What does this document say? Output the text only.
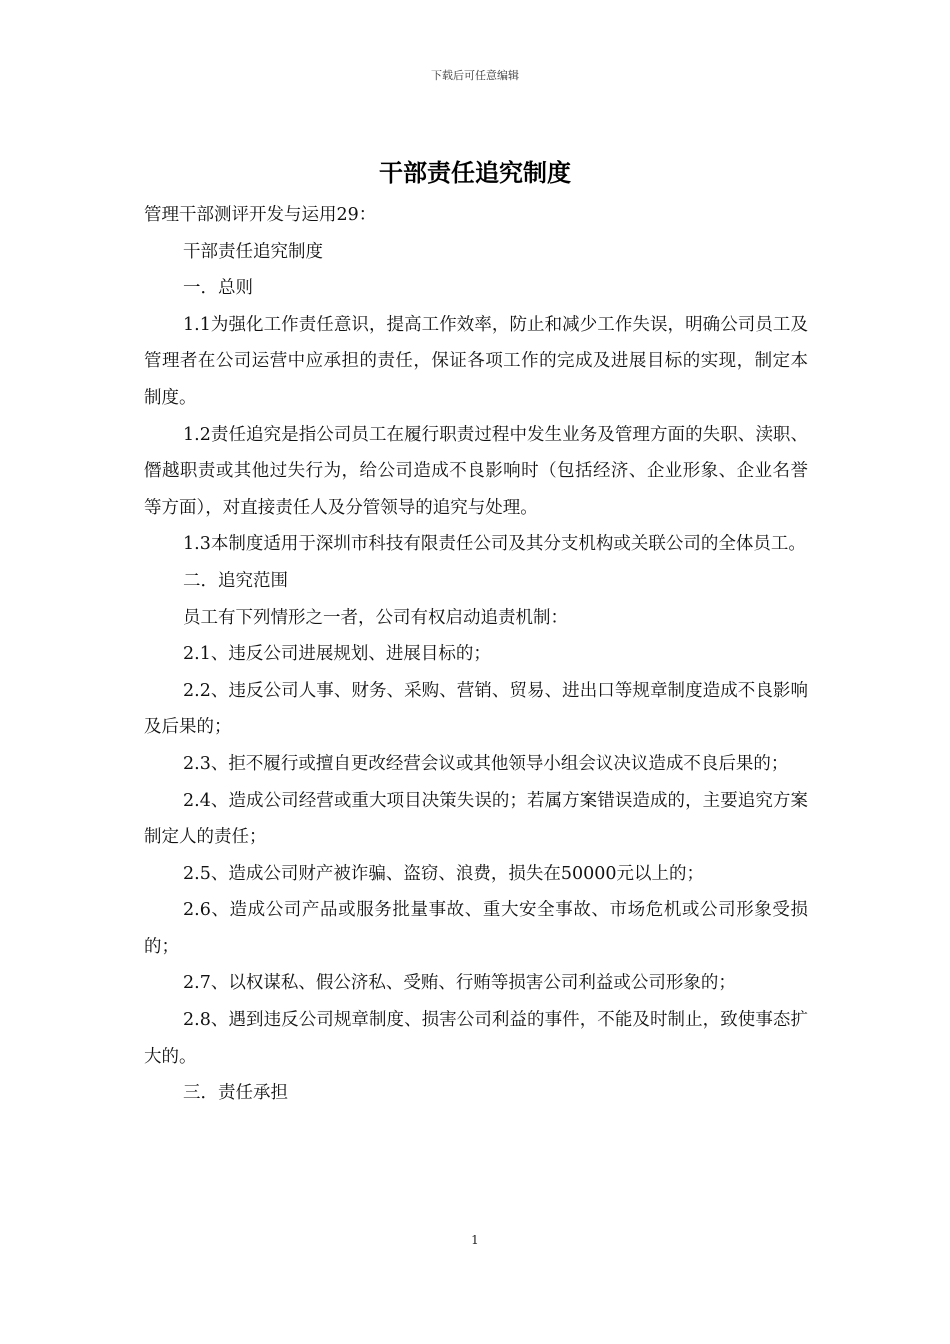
下载后可任意编辑
干部责任追究制度

管理干部测评开发与运用29：

干部责任追究制度

一．总则

1.1为强化工作责任意识，提高工作效率，防止和减少工作失误，明确公司员工及管理者在公司运营中应承担的责任，保证各项工作的完成及进展目标的实现，制定本制度。

1.2责任追究是指公司员工在履行职责过程中发生业务及管理方面的失职、渎职、僭越职责或其他过失行为，给公司造成不良影响时（包括经济、企业形象、企业名誉等方面），对直接责任人及分管领导的追究与处理。

1.3本制度适用于深圳市科技有限责任公司及其分支机构或关联公司的全体员工。

二．追究范围

员工有下列情形之一者，公司有权启动追责机制：

2.1、违反公司进展规划、进展目标的；

2.2、违反公司人事、财务、采购、营销、贸易、进出口等规章制度造成不良影响及后果的；

2.3、拒不履行或擅自更改经营会议或其他领导小组会议决议造成不良后果的；

2.4、造成公司经营或重大项目决策失误的；若属方案错误造成的，主要追究方案制定人的责任；

2.5、造成公司财产被诈骗、盗窃、浪费，损失在50000元以上的；

2.6、造成公司产品或服务批量事故、重大安全事故、市场危机或公司形象受损的；

2.7、以权谋私、假公济私、受贿、行贿等损害公司利益或公司形象的；

2.8、遇到违反公司规章制度、损害公司利益的事件，不能及时制止，致使事态扩大的。

三．责任承担

1
